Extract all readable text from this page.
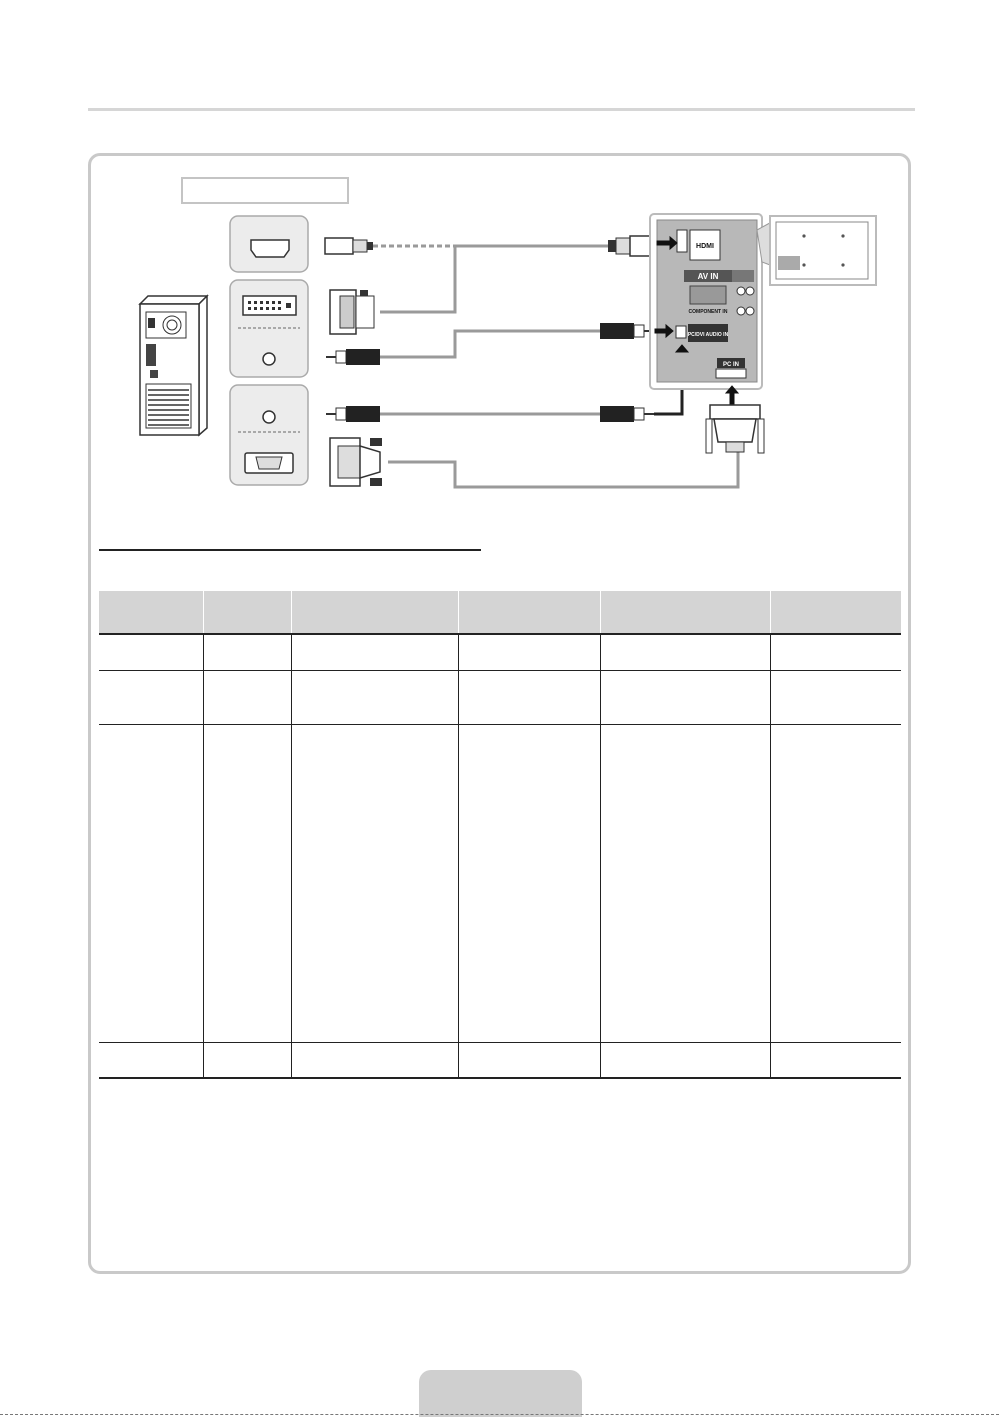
HDMI
AV IN
COMPONENT IN
PC/DVI AUDIO IN
PC IN
